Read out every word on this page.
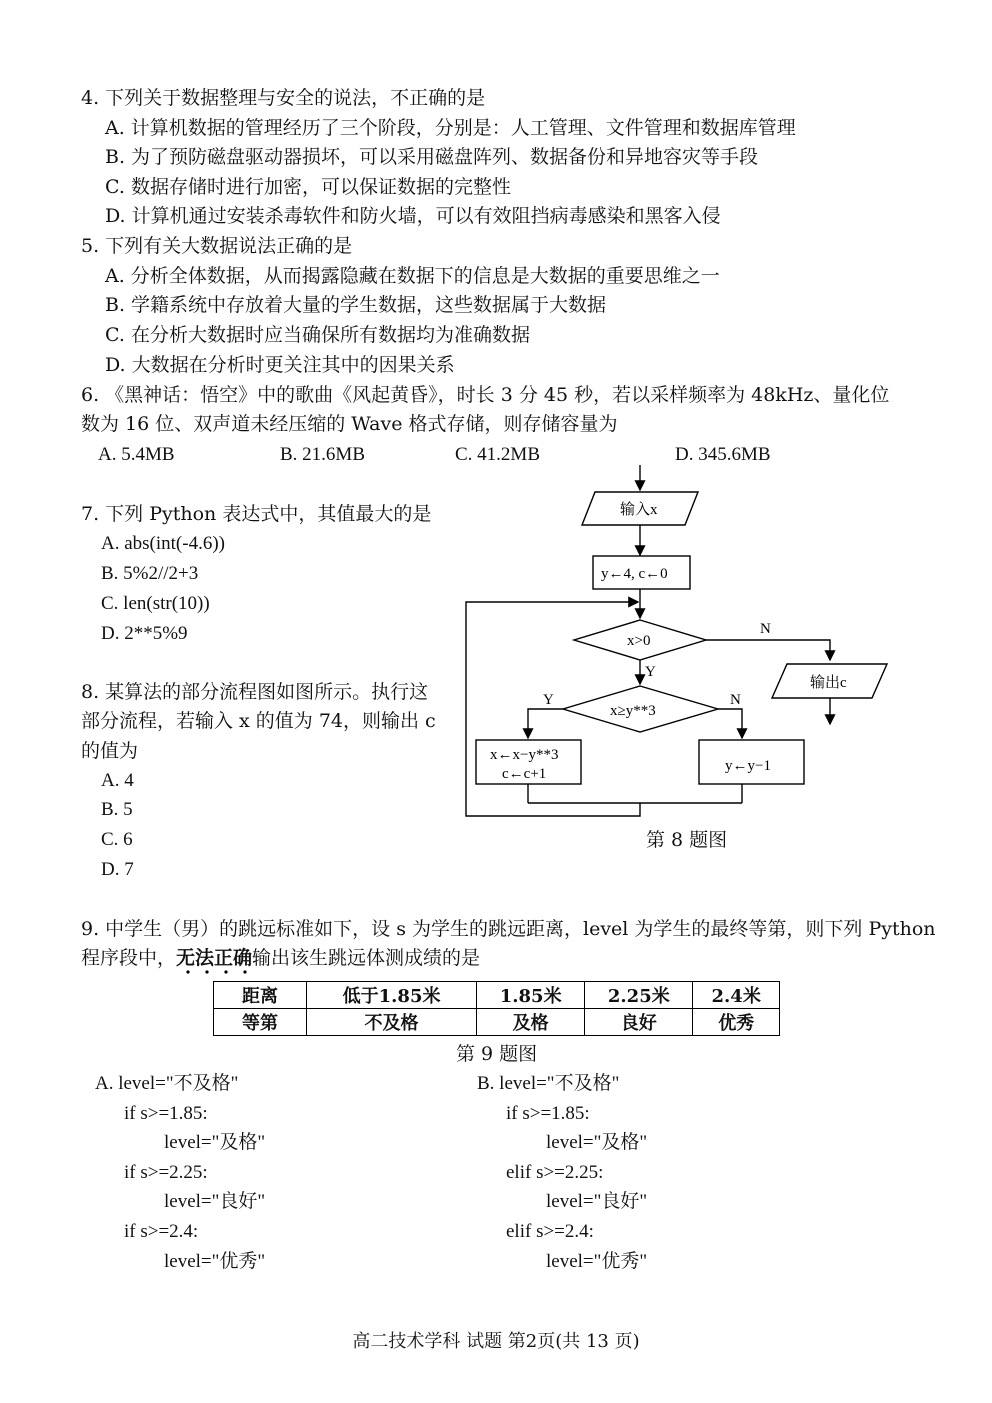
4. 下列关于数据整理与安全的说法，不正确的是
A. 计算机数据的管理经历了三个阶段，分别是：人工管理、文件管理和数据库管理
B. 为了预防磁盘驱动器损坏，可以采用磁盘阵列、数据备份和异地容灾等手段
C. 数据存储时进行加密，可以保证数据的完整性
D. 计算机通过安装杀毒软件和防火墙，可以有效阻挡病毒感染和黑客入侵
5. 下列有关大数据说法正确的是
A. 分析全体数据，从而揭露隐藏在数据下的信息是大数据的重要思维之一
B. 学籍系统中存放着大量的学生数据，这些数据属于大数据
C. 在分析大数据时应当确保所有数据均为准确数据
D. 大数据在分析时更关注其中的因果关系
6. 《黑神话：悟空》中的歌曲《风起黄昏》，时长 3 分 45 秒，若以采样频率为 48kHz、量化位
数为 16 位、双声道未经压缩的 Wave 格式存储，则存储容量为
A. 5.4MB	B. 21.6MB	C. 41.2MB	D. 345.6MB
7. 下列 Python 表达式中，其值最大的是
A. abs(int(-4.6))
B. 5%2//2+3
C. len(str(10))
D. 2**5%9
8. 某算法的部分流程图如图所示。执行这
部分流程，若输入 x 的值为 74，则输出 c
的值为
A. 4
B. 5
C. 6
D. 7
输入x
y←4, c←0
x>0
x≥y**3
输出c
N
Y
Y	N
x←x−y**3
c←c+1	y←y−1
第 8 题图
9. 中学生（男）的跳远标准如下，设 s 为学生的跳远距离，level 为学生的最终等第，则下列 Python
程序段中，无法正确输出该生跳远体测成绩的是
距离	低于1.85米	1.85米	2.25米	2.4米
等第	不及格	及格	良好	优秀
第 9 题图
A. level="不及格"
if s>=1.85:
level="及格"
if s>=2.25:
level="良好"
if s>=2.4:
level="优秀"
B. level="不及格"
if s>=1.85:
level="及格"
elif s>=2.25:
level="良好"
elif s>=2.4:
level="优秀"
高二技术学科 试题 第2页(共 13 页)
